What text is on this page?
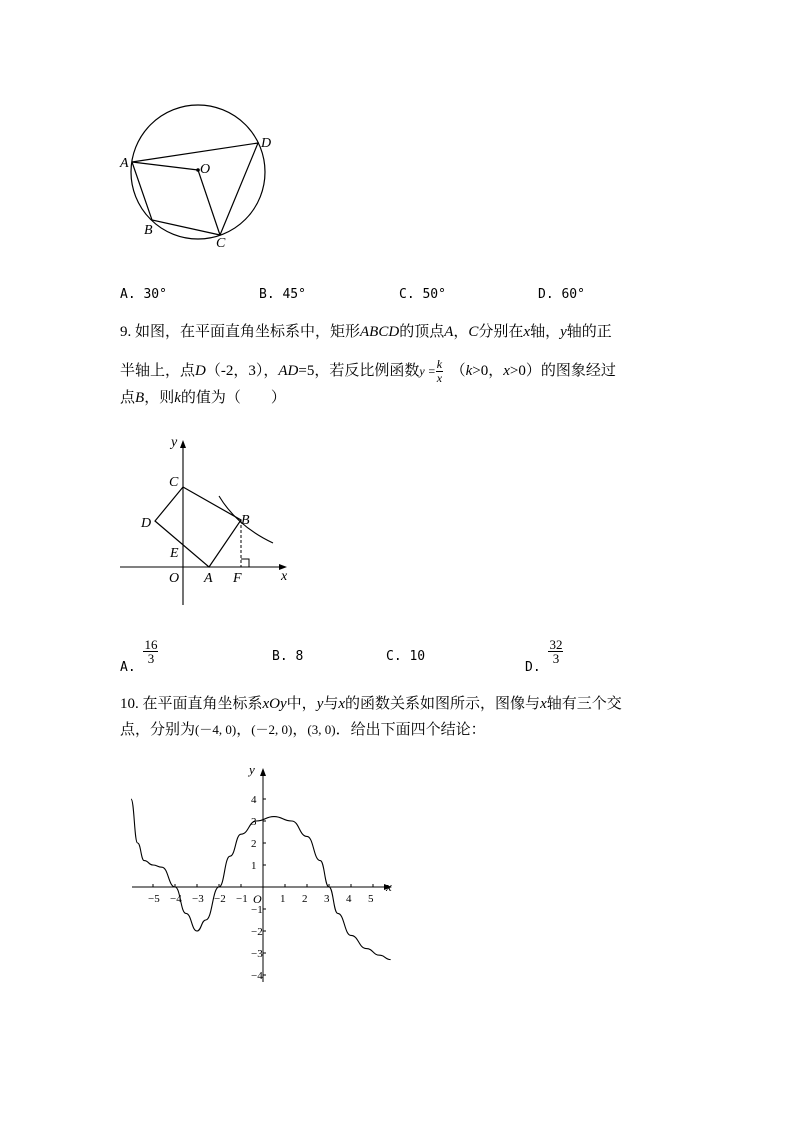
A	O
D
B
C
A. 30°	B. 45°	C. 50°	D. 60°
9. 如图，在平面直角坐标系中，矩形ABCD的顶点A，C分别在x轴，y轴的正
半轴上，点D（-2，3），AD=5，若反比例函数$y = \frac{k}{x} (k>0$，x>0）的图象经过
点B，则k的值为（　　）
y
x
C
D	B
E
O A F
A.
$\frac{16}{3}$	B. 8	C. 10
D.
$\frac{32}{3}$
10. 在平面直角坐标系xOy中，y与x的函数关系如图所示，图像与x轴有三个交
点，分别为(－4, 0)，(－2, 0)，(3, 0)．给出下面四个结论：
y
x
O
−5 −4 −3 −2 −1	1 2 3 4 5
4
3
2
1
−1
−2
−3
−4
